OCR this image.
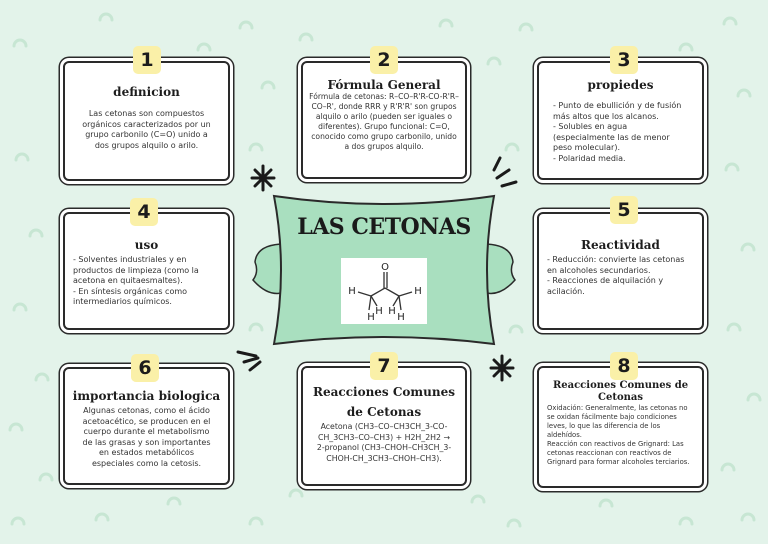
LAS CETONAS
O
H
H
H
H
H
H
definicion

Las cetonas son compuestos orgánicos caracterizados por un grupo carbonilo (C=O) unido a dos grupos alquilo o arilo.

1
Fórmula General

Fórmula de cetonas: R–CO–R'R-CO-R'R–CO–R', donde RRR y R'R'R' son grupos alquilo o arilo (pueden ser iguales o diferentes). Grupo funcional: C=O, conocido como grupo carbonilo, unido a dos grupos alquilo.

2
propiedes

- Punto de ebullición y de fusión más altos que los alcanos.

- Solubles en agua (especialmente las de menor peso molecular).

- Polaridad media.

3
uso

- Solventes industriales y en productos de limpieza (como la acetona en quitaesmaltes).

- En síntesis orgánicas como intermediarios químicos.

4
Reactividad

- Reducción: convierte las cetonas en alcoholes secundarios.

- Reacciones de alquilación y acilación.

5
importancia biologica

Algunas cetonas, como el ácido acetoacético, se producen en el cuerpo durante el metabolismo de las grasas y son importantes en estados metabólicos especiales como la cetosis.

6
Reacciones Comunes de Cetonas

Acetona (CH3–CO–CH3CH_3-CO-CH_3CH3–CO–CH3) + H2H_2H2 → 2-propanol (CH3–CHOH–CH3CH_3-CHOH-CH_3CH3–CHOH–CH3).

7
Reacciones Comunes de Cetonas

Oxidación: Generalmente, las cetonas no se oxidan fácilmente bajo condiciones leves, lo que las diferencia de los aldehídos.

Reacción con reactivos de Grignard: Las cetonas reaccionan con reactivos de Grignard para formar alcoholes terciarios.

8
